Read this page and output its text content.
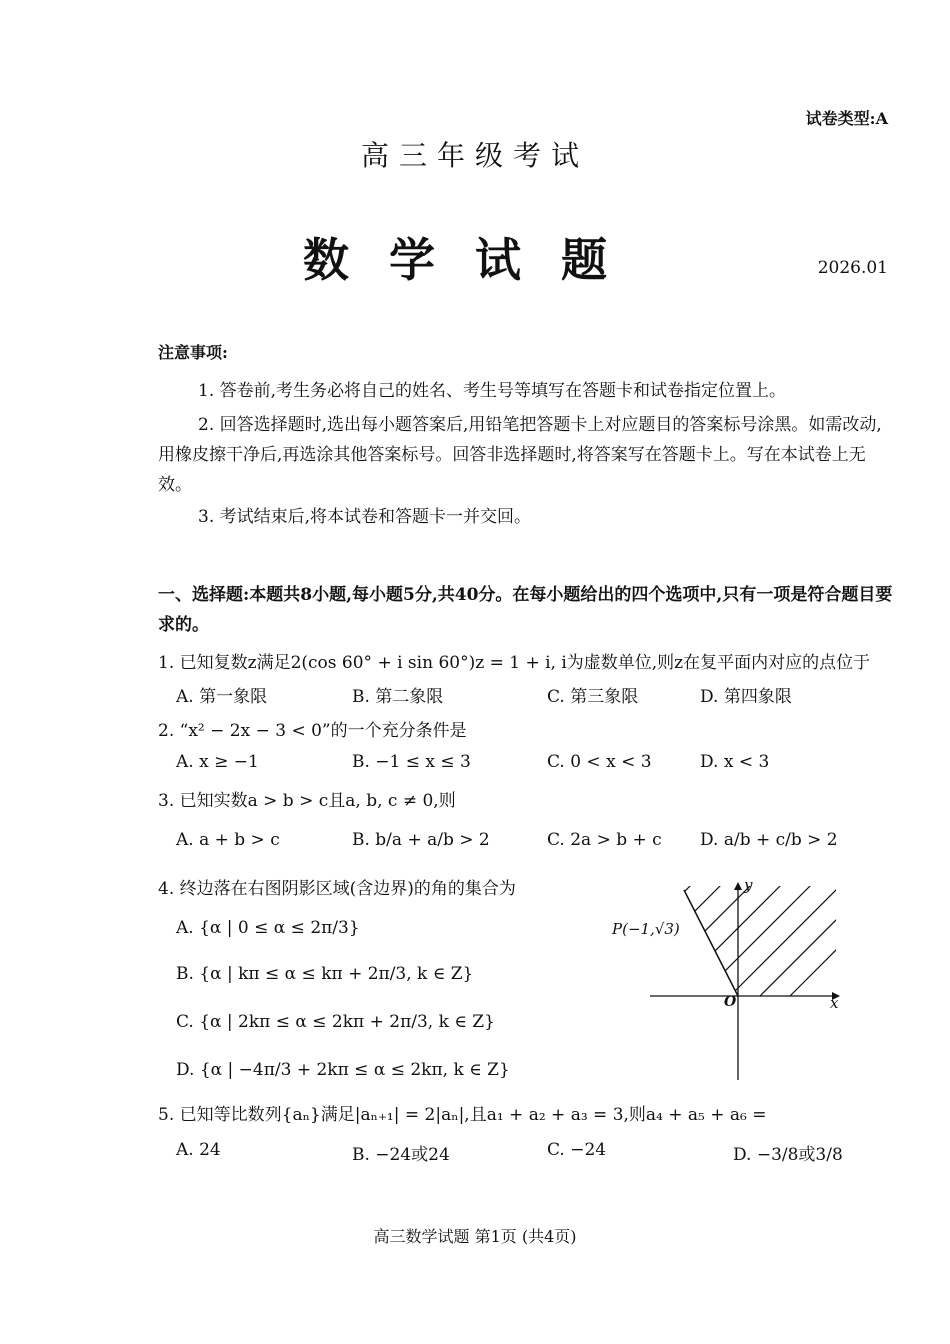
试卷类型:A
高三年级考试
数学试题	2026.01
注意事项:
1. 答卷前,考生务必将自己的姓名、考生号等填写在答题卡和试卷指定位置上。
2. 回答选择题时,选出每小题答案后,用铅笔把答题卡上对应题目的答案标号涂黑。如需改动,用橡皮擦干净后,再选涂其他答案标号。回答非选择题时,将答案写在答题卡上。写在本试卷上无效。
3. 考试结束后,将本试卷和答题卡一并交回。
一、选择题:本题共8小题,每小题5分,共40分。在每小题给出的四个选项中,只有一项是符合题目要求的。
1. 已知复数z满足2(cos 60° + i sin 60°)z = 1 + i, i为虚数单位,则z在复平面内对应的点位于
A. 第一象限	B. 第二象限	C. 第三象限	D. 第四象限
2. “x² − 2x − 3 < 0”的一个充分条件是
A. x ≥ −1	B. −1 ≤ x ≤ 3	C. 0 < x < 3	D. x < 3
3. 已知实数a > b > c且a, b, c ≠ 0,则
A. a + b > c	B. b/a + a/b > 2	C. 2a > b + c D. a/b + c/b > 2
4. 终边落在右图阴影区域(含边界)的角的集合为
A. {α | 0 ≤ α ≤ 2π/3}
B. {α | kπ ≤ α ≤ kπ + 2π/3, k ∈ Z}
C. {α | 2kπ ≤ α ≤ 2kπ + 2π/3, k ∈ Z}
D. {α | −4π/3 + 2kπ ≤ α ≤ 2kπ, k ∈ Z}
P(−1,√3)
y
x
O
5. 已知等比数列{aₙ}满足|aₙ₊₁| = 2|aₙ|,且a₁ + a₂ + a₃ = 3,则a₄ + a₅ + a₆ =
A. 24	B. −24或24	C. −24	D. −3/8或3/8
高三数学试题 第1页 (共4页)
